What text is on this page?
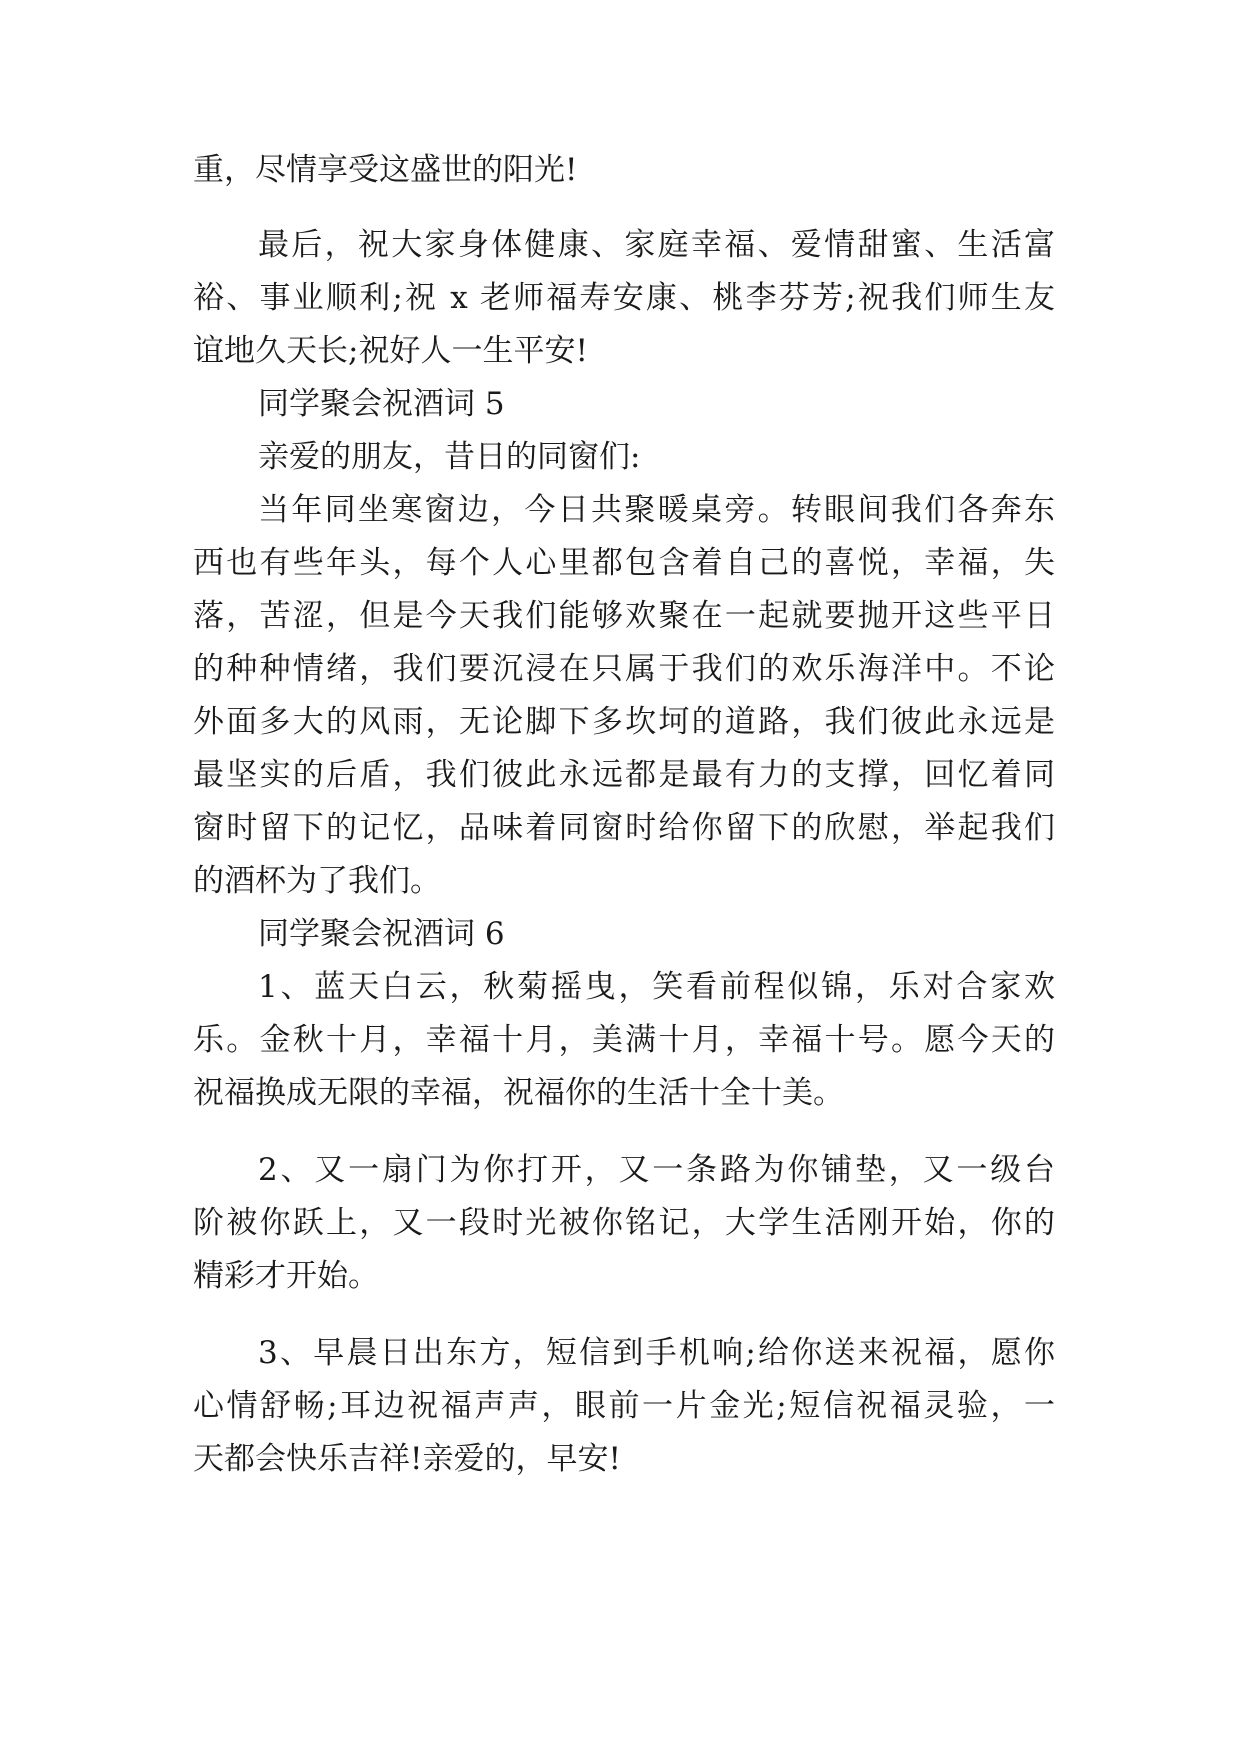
重，尽情享受这盛世的阳光!
最后，祝大家身体健康、家庭幸福、爱情甜蜜、生活富
裕、事业顺利;祝 x 老师福寿安康、桃李芬芳;祝我们师生友
谊地久天长;祝好人一生平安!
同学聚会祝酒词 5
亲爱的朋友，昔日的同窗们:
当年同坐寒窗边，今日共聚暖桌旁。转眼间我们各奔东
西也有些年头，每个人心里都包含着自己的喜悦，幸福，失
落，苦涩，但是今天我们能够欢聚在一起就要抛开这些平日
的种种情绪，我们要沉浸在只属于我们的欢乐海洋中。不论
外面多大的风雨，无论脚下多坎坷的道路，我们彼此永远是
最坚实的后盾，我们彼此永远都是最有力的支撑，回忆着同
窗时留下的记忆，品味着同窗时给你留下的欣慰，举起我们
的酒杯为了我们。
同学聚会祝酒词 6
1、蓝天白云，秋菊摇曳，笑看前程似锦，乐对合家欢
乐。金秋十月，幸福十月，美满十月，幸福十号。愿今天的
祝福换成无限的幸福，祝福你的生活十全十美。
2、又一扇门为你打开，又一条路为你铺垫，又一级台
阶被你跃上，又一段时光被你铭记，大学生活刚开始，你的
精彩才开始。
3、早晨日出东方，短信到手机响;给你送来祝福，愿你
心情舒畅;耳边祝福声声，眼前一片金光;短信祝福灵验，一
天都会快乐吉祥!亲爱的，早安!
